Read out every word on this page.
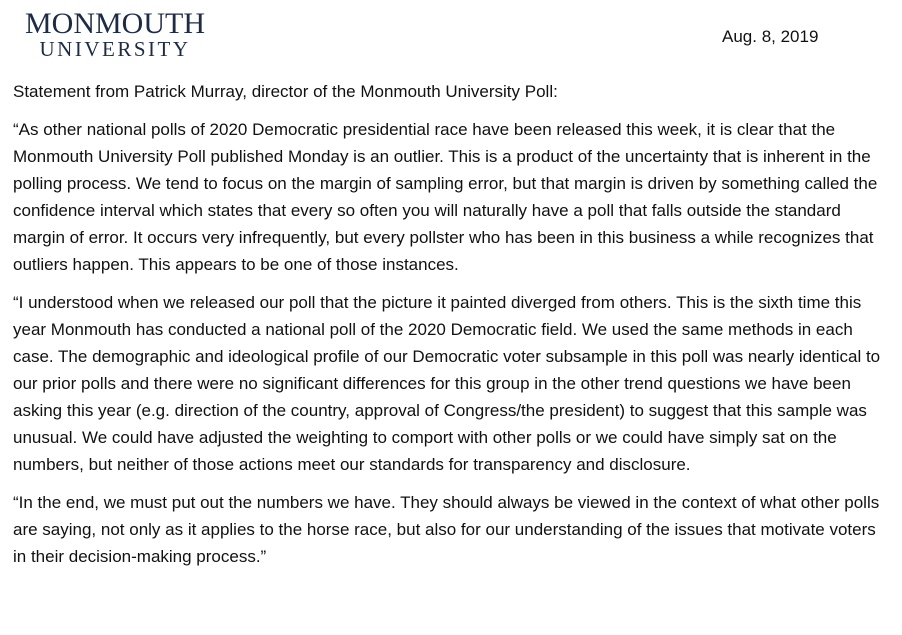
MONMOUTH
UNIVERSITY
Aug. 8, 2019

Statement from Patrick Murray, director of the Monmouth University Poll:

“As other national polls of 2020 Democratic presidential race have been released this week, it is clear that the Monmouth University Poll published Monday is an outlier. This is a product of the uncertainty that is inherent in the polling process. We tend to focus on the margin of sampling error, but that margin is driven by something called the confidence interval which states that every so often you will naturally have a poll that falls outside the standard margin of error. It occurs very infrequently, but every pollster who has been in this business a while recognizes that outliers happen. This appears to be one of those instances.

“I understood when we released our poll that the picture it painted diverged from others. This is the sixth time this year Monmouth has conducted a national poll of the 2020 Democratic field. We used the same methods in each case. The demographic and ideological profile of our Democratic voter subsample in this poll was nearly identical to our prior polls and there were no significant differences for this group in the other trend questions we have been asking this year (e.g. direction of the country, approval of Congress/the president) to suggest that this sample was unusual. We could have adjusted the weighting to comport with other polls or we could have simply sat on the numbers, but neither of those actions meet our standards for transparency and disclosure.

“In the end, we must put out the numbers we have. They should always be viewed in the context of what other polls are saying, not only as it applies to the horse race, but also for our understanding of the issues that motivate voters in their decision-making process.”
